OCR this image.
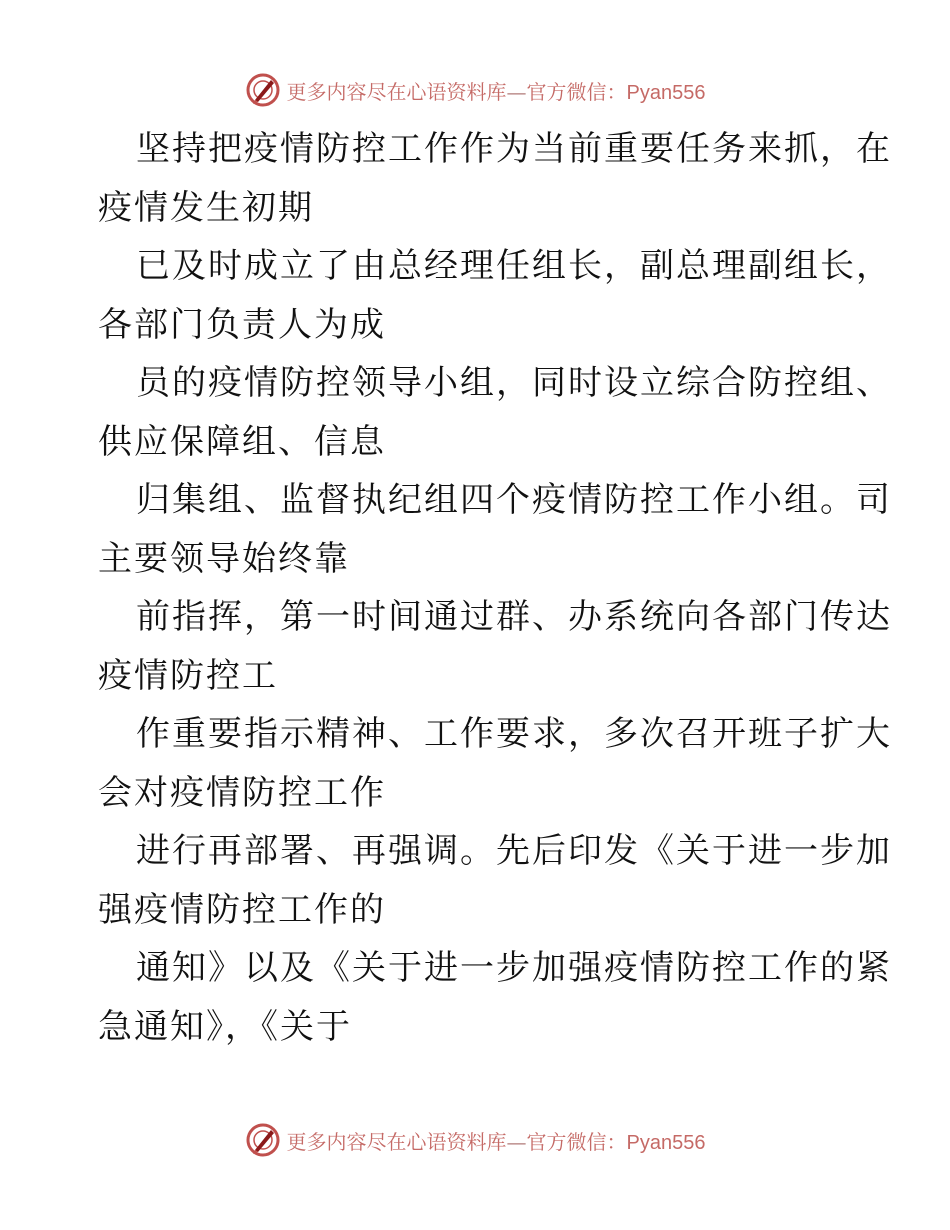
更多内容尽在心语资料库—官方微信：Pyan556
坚持把疫情防控工作作为当前重要任务来抓，在
疫情发生初期
已及时成立了由总经理任组长，副总理副组长，
各部门负责人为成
员的疫情防控领导小组，同时设立综合防控组、
供应保障组、信息
归集组、监督执纪组四个疫情防控工作小组。司
主要领导始终靠
前指挥，第一时间通过群、办系统向各部门传达
疫情防控工
作重要指示精神、工作要求，多次召开班子扩大
会对疫情防控工作
进行再部署、再强调。先后印发《关于进一步加
强疫情防控工作的
通知》以及《关于进一步加强疫情防控工作的紧
急通知》，《关于
更多内容尽在心语资料库—官方微信：Pyan556
